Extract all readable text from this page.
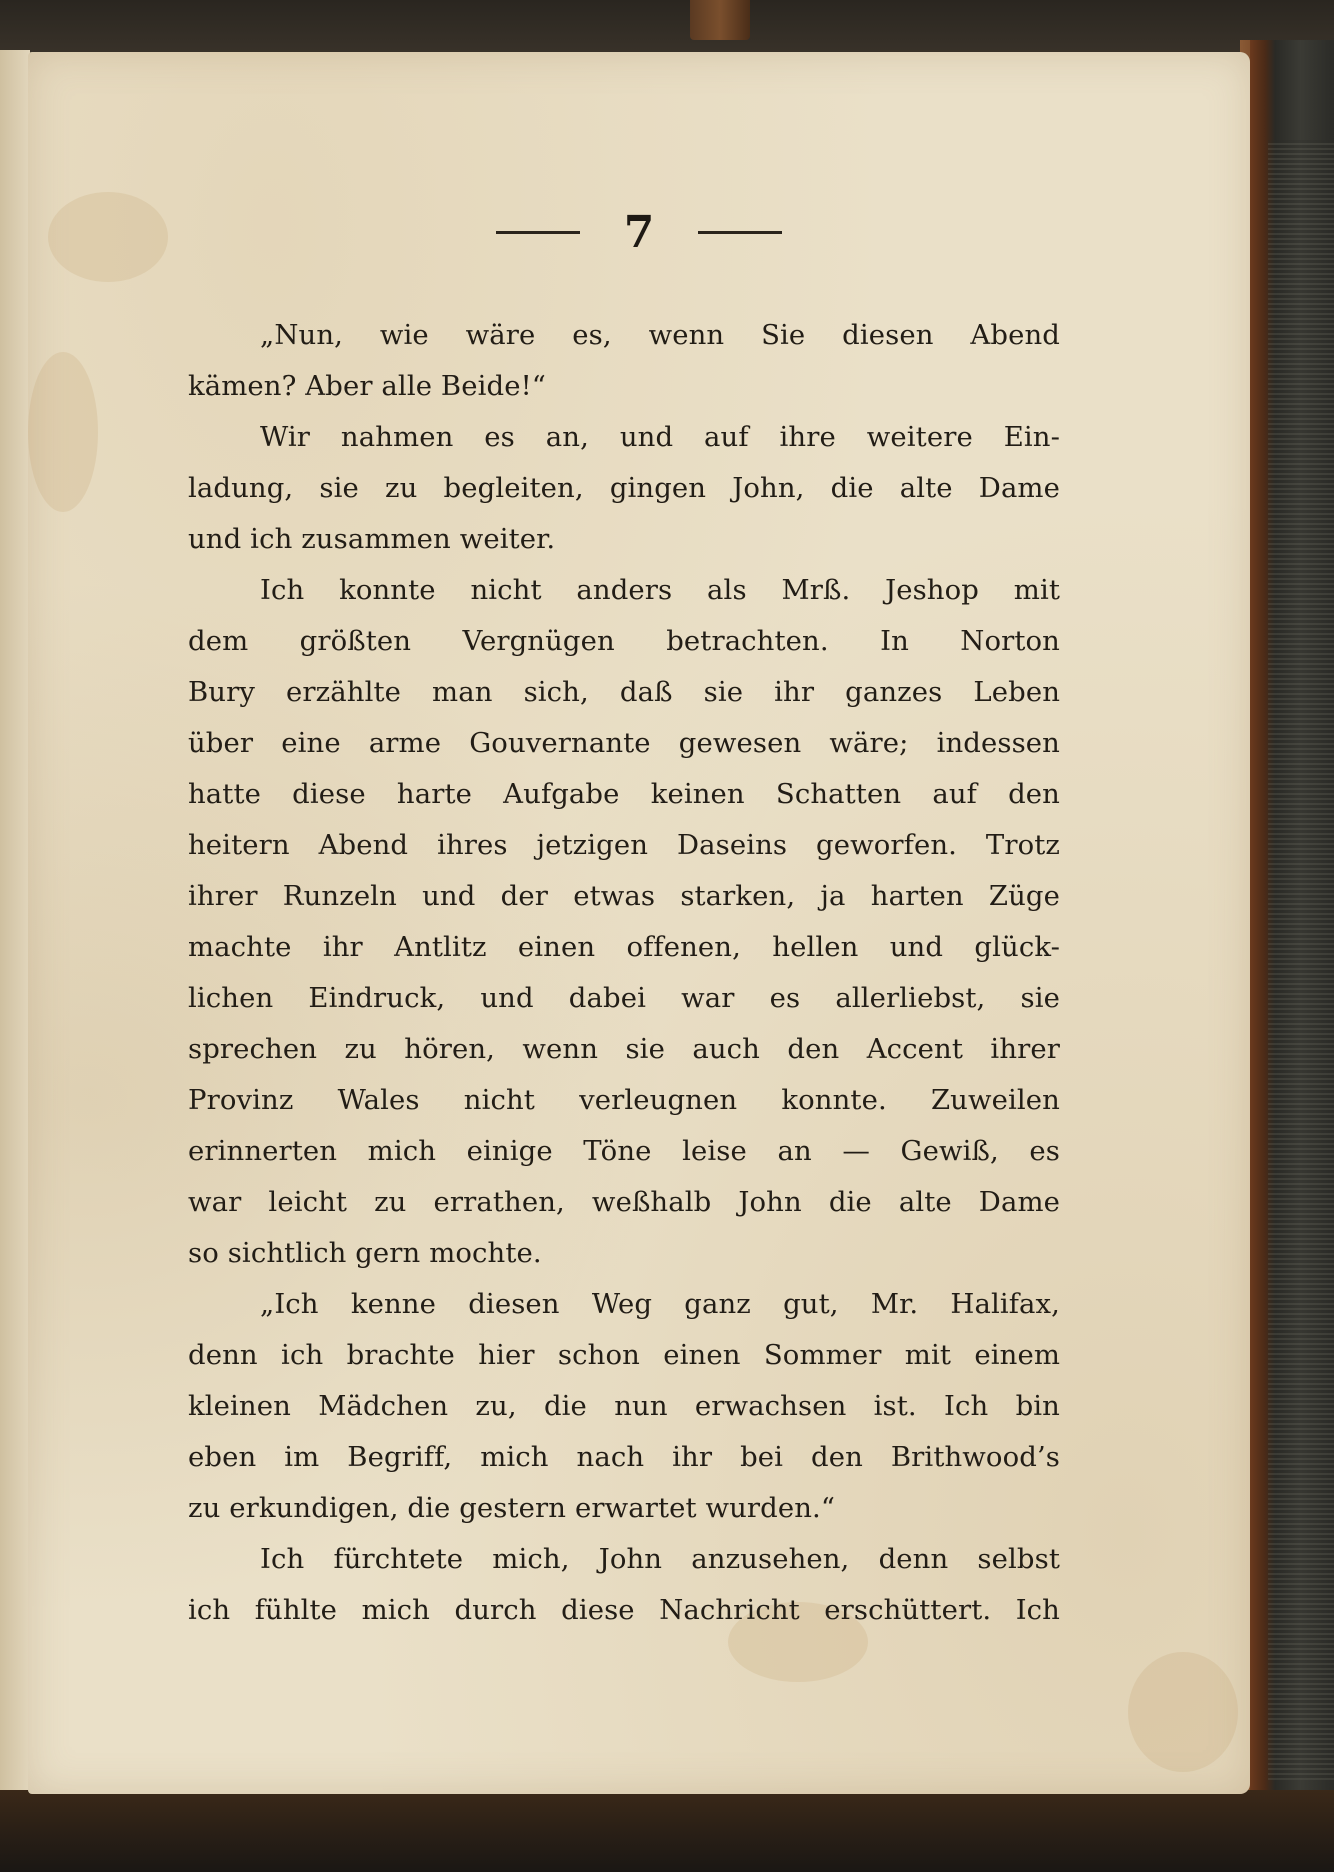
7
„Nun, wie wäre es, wenn Sie diesen Abend
kämen? Aber alle Beide!“
Wir nahmen es an, und auf ihre weitere Ein-
ladung, sie zu begleiten, gingen John, die alte Dame
und ich zusammen weiter.
Ich konnte nicht anders als Mrß. Jeshop mit
dem größten Vergnügen betrachten. In Norton
Bury erzählte man sich, daß sie ihr ganzes Leben
über eine arme Gouvernante gewesen wäre; indessen
hatte diese harte Aufgabe keinen Schatten auf den
heitern Abend ihres jetzigen Daseins geworfen. Trotz
ihrer Runzeln und der etwas starken, ja harten Züge
machte ihr Antlitz einen offenen, hellen und glück-
lichen Eindruck, und dabei war es allerliebst, sie
sprechen zu hören, wenn sie auch den Accent ihrer
Provinz Wales nicht verleugnen konnte. Zuweilen
erinnerten mich einige Töne leise an — Gewiß, es
war leicht zu errathen, weßhalb John die alte Dame
so sichtlich gern mochte.
„Ich kenne diesen Weg ganz gut, Mr. Halifax,
denn ich brachte hier schon einen Sommer mit einem
kleinen Mädchen zu, die nun erwachsen ist. Ich bin
eben im Begriff, mich nach ihr bei den Brithwood’s
zu erkundigen, die gestern erwartet wurden.“
Ich fürchtete mich, John anzusehen, denn selbst
ich fühlte mich durch diese Nachricht erschüttert. Ich
